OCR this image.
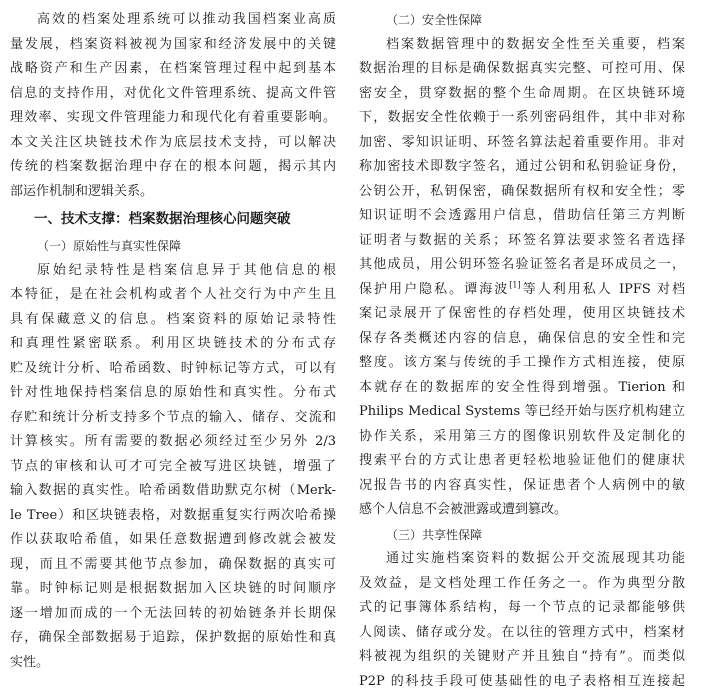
高效的档案处理系统可以推动我国档案业高质
量发展，档案资料被视为国家和经济发展中的关键
战略资产和生产因素，在档案管理过程中起到基本
信息的支持作用，对优化文件管理系统、提高文件管
理效率、实现文件管理能力和现代化有着重要影响。
本文关注区块链技术作为底层技术支持，可以解决
传统的档案数据治理中存在的根本问题，揭示其内
部运作机制和逻辑关系。
一、技术支撑：档案数据治理核心问题突破
（一）原始性与真实性保障
原始纪录特性是档案信息异于其他信息的根
本特征，是在社会机构或者个人社交行为中产生且
具有保藏意义的信息。档案资料的原始记录特性
和真理性紧密联系。利用区块链技术的分布式存
贮及统计分析、哈希函数、时钟标记等方式，可以有
针对性地保持档案信息的原始性和真实性。分布式
存贮和统计分析支持多个节点的输入、储存、交流和
计算核实。所有需要的数据必须经过至少另外 2/3
节点的审核和认可才可完全被写进区块链，增强了
输入数据的真实性。哈希函数借助默克尔树（Merk-
le Tree）和区块链表格，对数据重复实行两次哈希操
作以获取哈希值，如果任意数据遭到修改就会被发
现，而且不需要其他节点参加，确保数据的真实可
靠。时钟标记则是根据数据加入区块链的时间顺序
逐一增加而成的一个无法回转的初始链条并长期保
存，确保全部数据易于追踪，保护数据的原始性和真
实性。
（二）安全性保障
档案数据管理中的数据安全性至关重要，档案
数据治理的目标是确保数据真实完整、可控可用、保
密安全，贯穿数据的整个生命周期。在区块链环境
下，数据安全性依赖于一系列密码组件，其中非对称
加密、零知识证明、环签名算法起着重要作用。非对
称加密技术即数字签名，通过公钥和私钥验证身份，
公钥公开，私钥保密，确保数据所有权和安全性；零
知识证明不会透露用户信息，借助信任第三方判断
证明者与数据的关系；环签名算法要求签名者选择
其他成员，用公钥环签名验证签名者是环成员之一，
保护用户隐私。谭海波[1]等人利用私人 IPFS 对档
案记录展开了保密性的存档处理，使用区块链技术
保存各类概述内容的信息，确保信息的安全性和完
整度。该方案与传统的手工操作方式相连接，使原
本就存在的数据库的安全性得到增强。Tierion 和
Philips Medical Systems 等已经开始与医疗机构建立
协作关系，采用第三方的图像识别软件及定制化的
搜索平台的方式让患者更轻松地验证他们的健康状
况报告书的内容真实性，保证患者个人病例中的敏
感个人信息不会被泄露或遭到篡改。
（三）共享性保障
通过实施档案资料的数据公开交流展现其功能
及效益，是文档处理工作任务之一。作为典型分散
式的记事簿体系结构，每一个节点的记录都能够供
人阅读、储存或分发。在以往的管理方式中，档案材
料被视为组织的关键财产并且独自“持有”。而类似
P2P 的科技手段可使基础性的电子表格相互连接起
